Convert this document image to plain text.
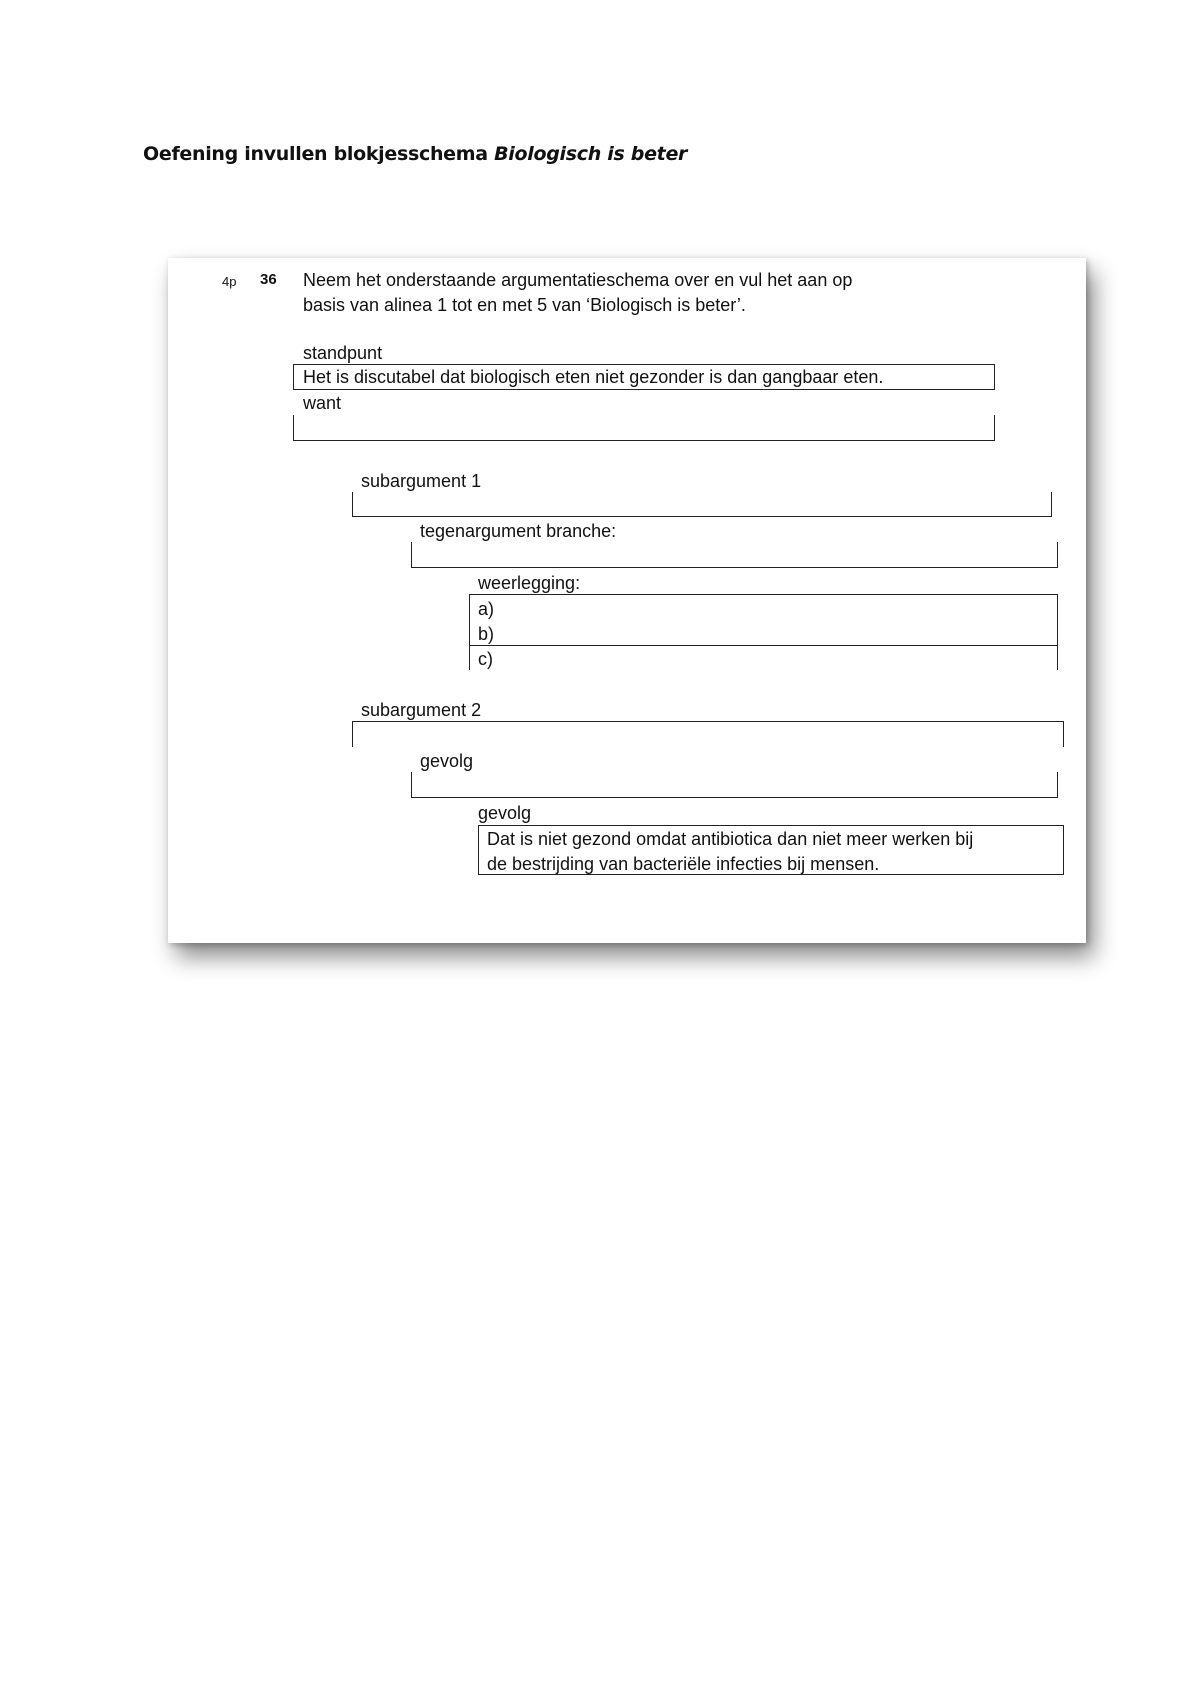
Oefening invullen blokjesschema Biologisch is beter
4p 36 Neem het onderstaande argumentatieschema over en vul het aan op
basis van alinea 1 tot en met 5 van ‘Biologisch is beter’.
standpunt
Het is discutabel dat biologisch eten niet gezonder is dan gangbaar eten.
want
subargument 1
tegenargument branche:
weerlegging:
a)
b)
c)
subargument 2
gevolg
gevolg
Dat is niet gezond omdat antibiotica dan niet meer werken bij
de bestrijding van bacteriële infecties bij mensen.
